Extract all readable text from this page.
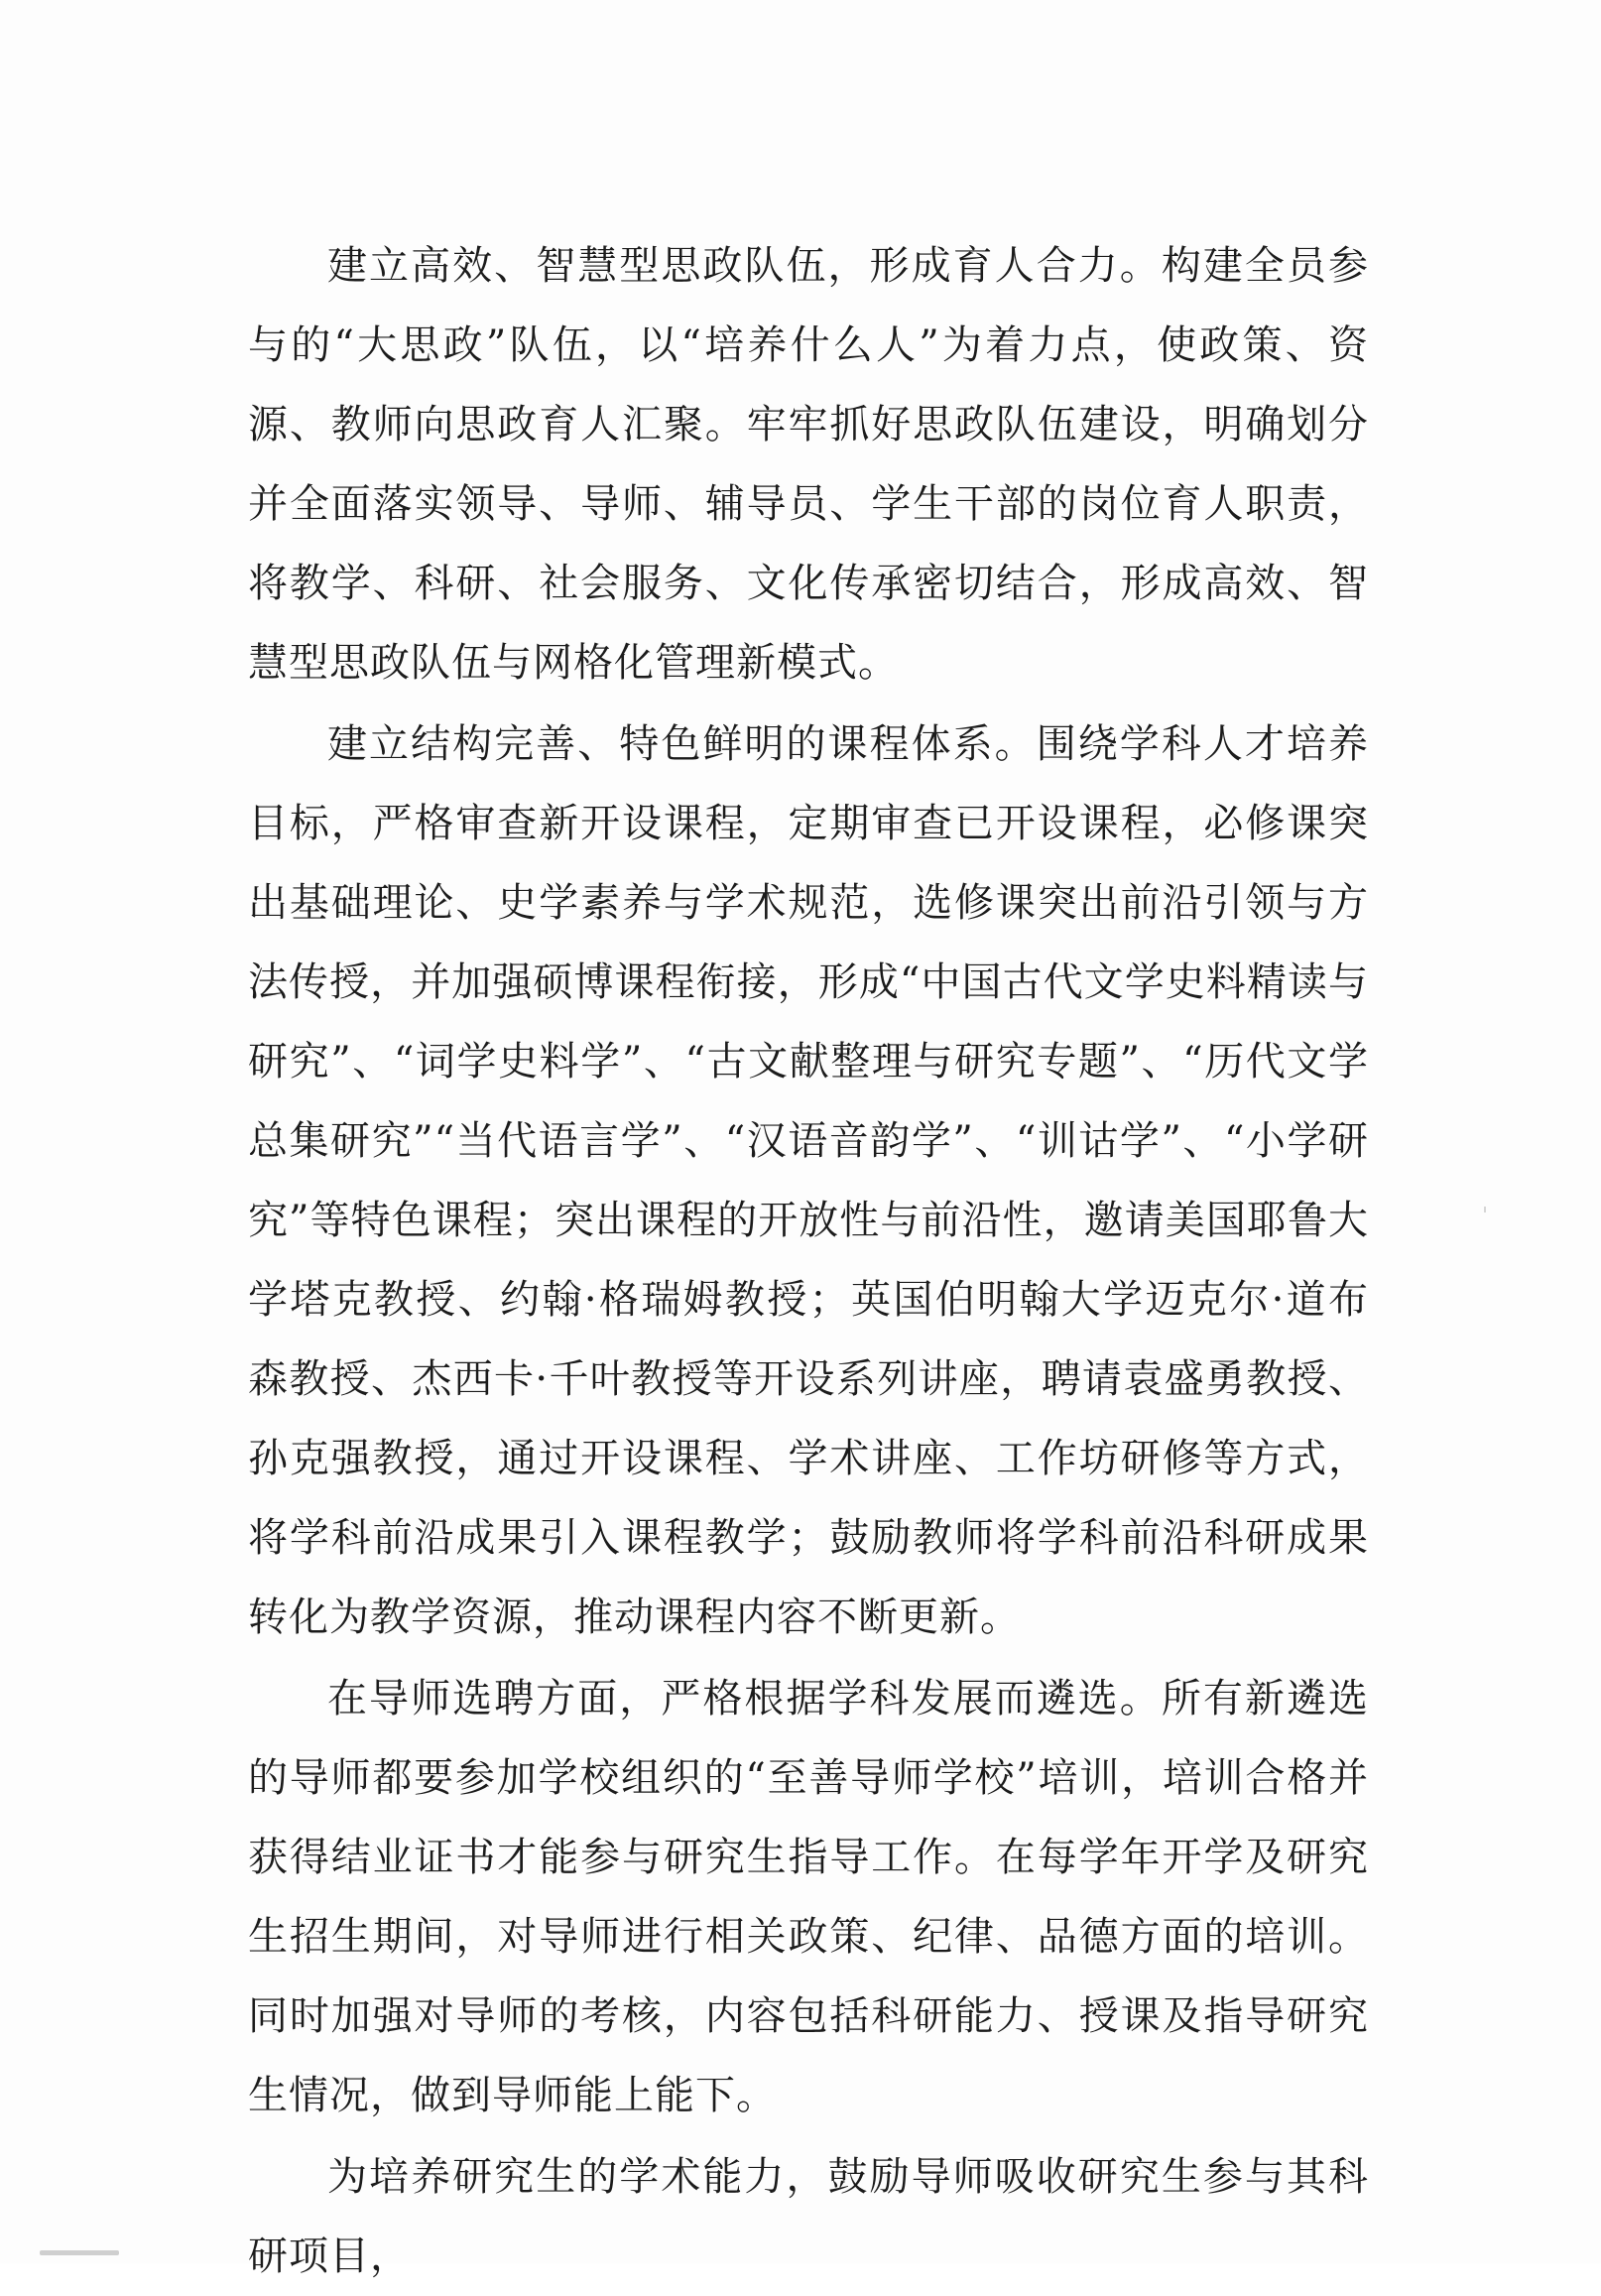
建立高效、智慧型思政队伍，形成育人合力。构建全员参与的“大思政”队伍，以“培养什么人”为着力点，使政策、资源、教师向思政育人汇聚。牢牢抓好思政队伍建设，明确划分并全面落实领导、导师、辅导员、学生干部的岗位育人职责，将教学、科研、社会服务、文化传承密切结合，形成高效、智慧型思政队伍与网格化管理新模式。

建立结构完善、特色鲜明的课程体系。围绕学科人才培养目标，严格审查新开设课程，定期审查已开设课程，必修课突出基础理论、史学素养与学术规范，选修课突出前沿引领与方法传授，并加强硕博课程衔接，形成“中国古代文学史料精读与研究”、“词学史料学”、“古文献整理与研究专题”、“历代文学总集研究”“当代语言学”、“汉语音韵学”、“训诂学”、“小学研究”等特色课程；突出课程的开放性与前沿性，邀请美国耶鲁大学塔克教授、约翰·格瑞姆教授；英国伯明翰大学迈克尔·道布森教授、杰西卡·千叶教授等开设系列讲座，聘请袁盛勇教授、孙克强教授，通过开设课程、学术讲座、工作坊研修等方式，将学科前沿成果引入课程教学；鼓励教师将学科前沿科研成果转化为教学资源，推动课程内容不断更新。

在导师选聘方面，严格根据学科发展而遴选。所有新遴选的导师都要参加学校组织的“至善导师学校”培训，培训合格并获得结业证书才能参与研究生指导工作。在每学年开学及研究生招生期间，对导师进行相关政策、纪律、品德方面的培训。同时加强对导师的考核，内容包括科研能力、授课及指导研究生情况，做到导师能上能下。

为培养研究生的学术能力，鼓励导师吸收研究生参与其科研项目，
